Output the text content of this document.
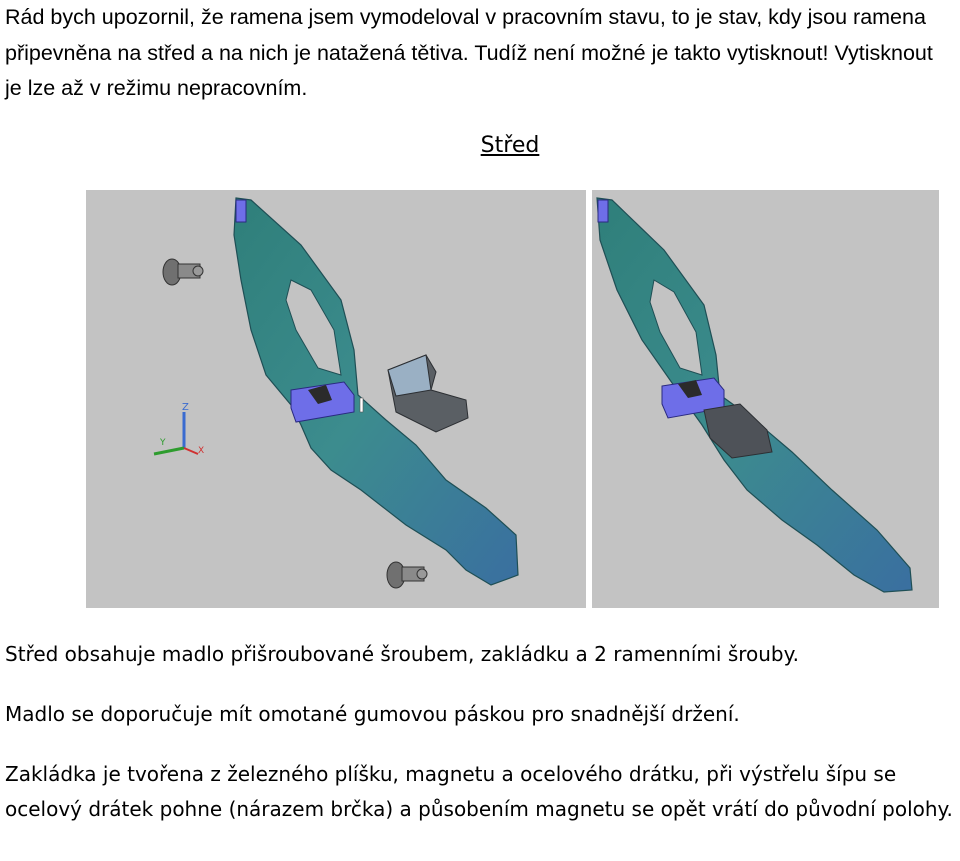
Rád bych upozornil, že ramena jsem vymodeloval v pracovním stavu, to je stav, kdy jsou ramena připevněna na střed a na nich je natažená tětiva. Tudíž není možné je takto vytisknout! Vytisknout je lze až v režimu nepracovním.

Střed

Z
Y
X

Střed obsahuje madlo přišroubované šroubem, zakládku a 2 ramenními šrouby.

Madlo se doporučuje mít omotané gumovou páskou pro snadnější držení.

Zakládka je tvořena z železného plíšku, magnetu a ocelového drátku, při výstřelu šípu se ocelový drátek pohne (nárazem brčka) a působením magnetu se opět vrátí do původní polohy.
